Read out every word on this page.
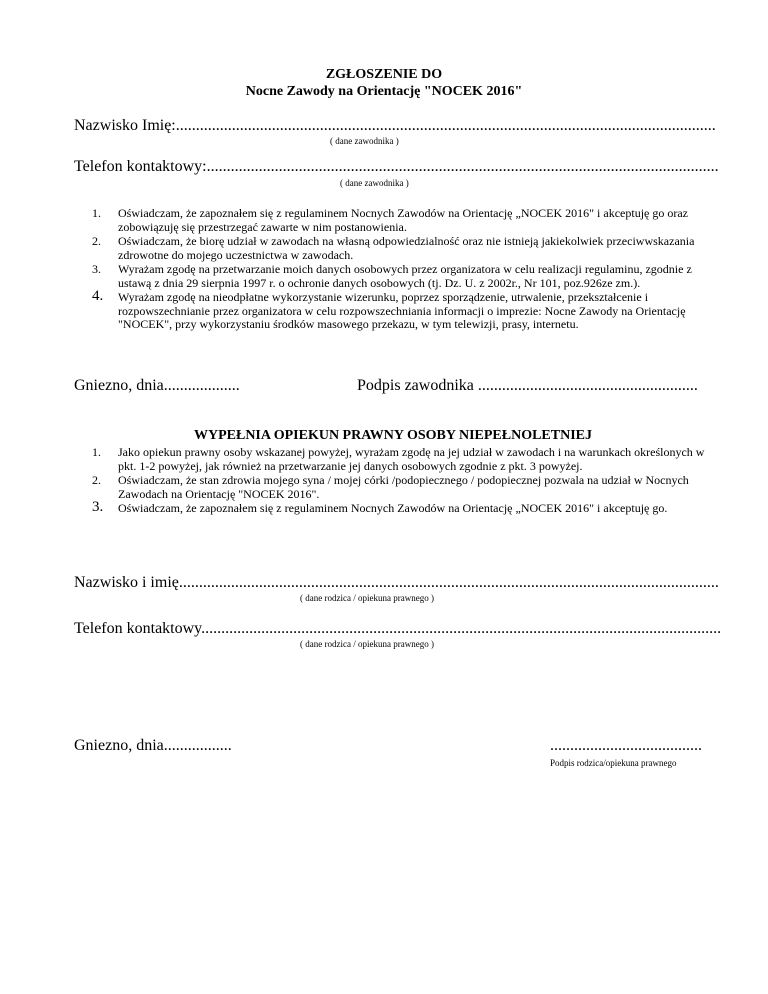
ZGŁOSZENIE DO
Nocne Zawody na Orientację "NOCEK 2016"
Nazwisko Imię:.......................................................................................................................................
( dane zawodnika )
Telefon kontaktowy:................................................................................................................................
( dane zawodnika )
1. Oświadczam, że zapoznałem się z regulaminem Nocnych Zawodów na Orientację „NOCEK 2016" i akceptuję go oraz zobowiązuję się przestrzegać zawarte w nim postanowienia.
2. Oświadczam, że biorę udział w zawodach na własną odpowiedzialność oraz nie istnieją jakiekolwiek przeciwwskazania zdrowotne do mojego uczestnictwa w zawodach.
3. Wyrażam zgodę na przetwarzanie moich danych osobowych przez organizatora w celu realizacji regulaminu, zgodnie z ustawą z dnia 29 sierpnia 1997 r. o ochronie danych osobowych (tj. Dz. U. z 2002r., Nr 101, poz.926ze zm.).
4. Wyrażam zgodę na nieodpłatne wykorzystanie wizerunku, poprzez sporządzenie, utrwalenie, przekształcenie i rozpowszechnianie przez organizatora w celu rozpowszechniania informacji o imprezie: Nocne Zawody na Orientację "NOCEK", przy wykorzystaniu środków masowego przekazu, w tym telewizji, prasy, internetu.
Gniezno, dnia...................	Podpis zawodnika .......................................................
WYPEŁNIA OPIEKUN PRAWNY OSOBY NIEPEŁNOLETNIEJ
1. Jako opiekun prawny osoby wskazanej powyżej, wyrażam zgodę na jej udział w zawodach i na warunkach określonych w pkt. 1-2 powyżej, jak również na przetwarzanie jej danych osobowych zgodnie z pkt. 3 powyżej.
2. Oświadczam, że stan zdrowia mojego syna / mojej córki /podopiecznego / podopiecznej pozwala na udział w Nocnych Zawodach na Orientację "NOCEK 2016".
3. Oświadczam, że zapoznałem się z regulaminem Nocnych Zawodów na Orientację „NOCEK 2016" i akceptuję go.
Nazwisko i imię.......................................................................................................................................
( dane rodzica / opiekuna prawnego )
Telefon kontaktowy..................................................................................................................................
( dane rodzica / opiekuna prawnego )
Gniezno, dnia.................	......................................
Podpis rodzica/opiekuna prawnego
